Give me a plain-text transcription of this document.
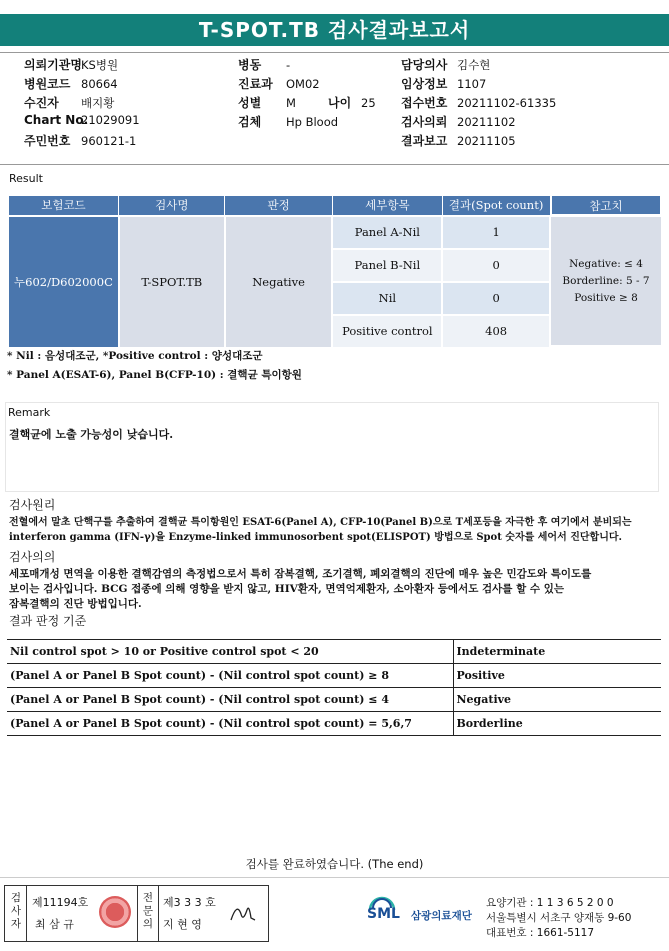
T-SPOT.TB 검사결과보고서
의뢰기관명KS병원
병원코드 80664
수진자 배지황
Chart No.21029091
주민번호 960121-1
병동 -
진료과 OM02
성별 M	나이 25
검체 Hp Blood
담당의사 김수현
임상정보 1107
접수번호 20211102-61335
검사의뢰 20211102
결과보고 20211105
Result
보험코드	검사명	판정	세부항목	결과(Spot count)
누602/D602000C	T-SPOT.TB	Negative	Panel A-Nil	1
			Panel B-Nil	0
			Nil	0
			Positive control	408
참고치
Negative: ≤ 4
Borderline: 5 - 7
Positive ≥ 8
* Nil : 음성대조군, *Positive control : 양성대조군
* Panel A(ESAT-6), Panel B(CFP-10) : 결핵균 특이항원
Remark
결핵균에 노출 가능성이 낮습니다.
검사원리
전혈에서 말초 단핵구를 추출하여 결핵균 특이항원인 ESAT-6(Panel A), CFP-10(Panel B)으로 T세포등을 자극한 후 여기에서 분비되는
interferon gamma (IFN-γ)을 Enzyme-linked immunosorbent spot(ELISPOT) 방법으로 Spot 숫자를 세어서 진단합니다.
검사의의
세포매개성 면역을 이용한 결핵감염의 측정법으로서 특히 잠복결핵, 조기결핵, 폐외결핵의 진단에 매우 높은 민감도와 특이도를
보이는 검사입니다. BCG 접종에 의해 영향을 받지 않고, HIV환자, 면역억제환자, 소아환자 등에서도 검사를 할 수 있는
잠복결핵의 진단 방법입니다.
결과 판정 기준
Nil control spot > 10 or Positive control spot < 20	Indeterminate
(Panel A or Panel B Spot count) - (Nil control spot count) ≥ 8	Positive
(Panel A or Panel B Spot count) - (Nil control spot count) ≤ 4	Negative
(Panel A or Panel B Spot count) - (Nil control spot count) = 5,6,7	Borderline
검사를 완료하였습니다. (The end)
검사자
제11194호
최 삼 규
전문의
제3 3 3 호
지 현 영
SML 삼광의료재단
요양기관 : 1 1 3 6 5 2 0 0
서울특별시 서초구 양재동 9-60
대표번호 : 1661-5117
